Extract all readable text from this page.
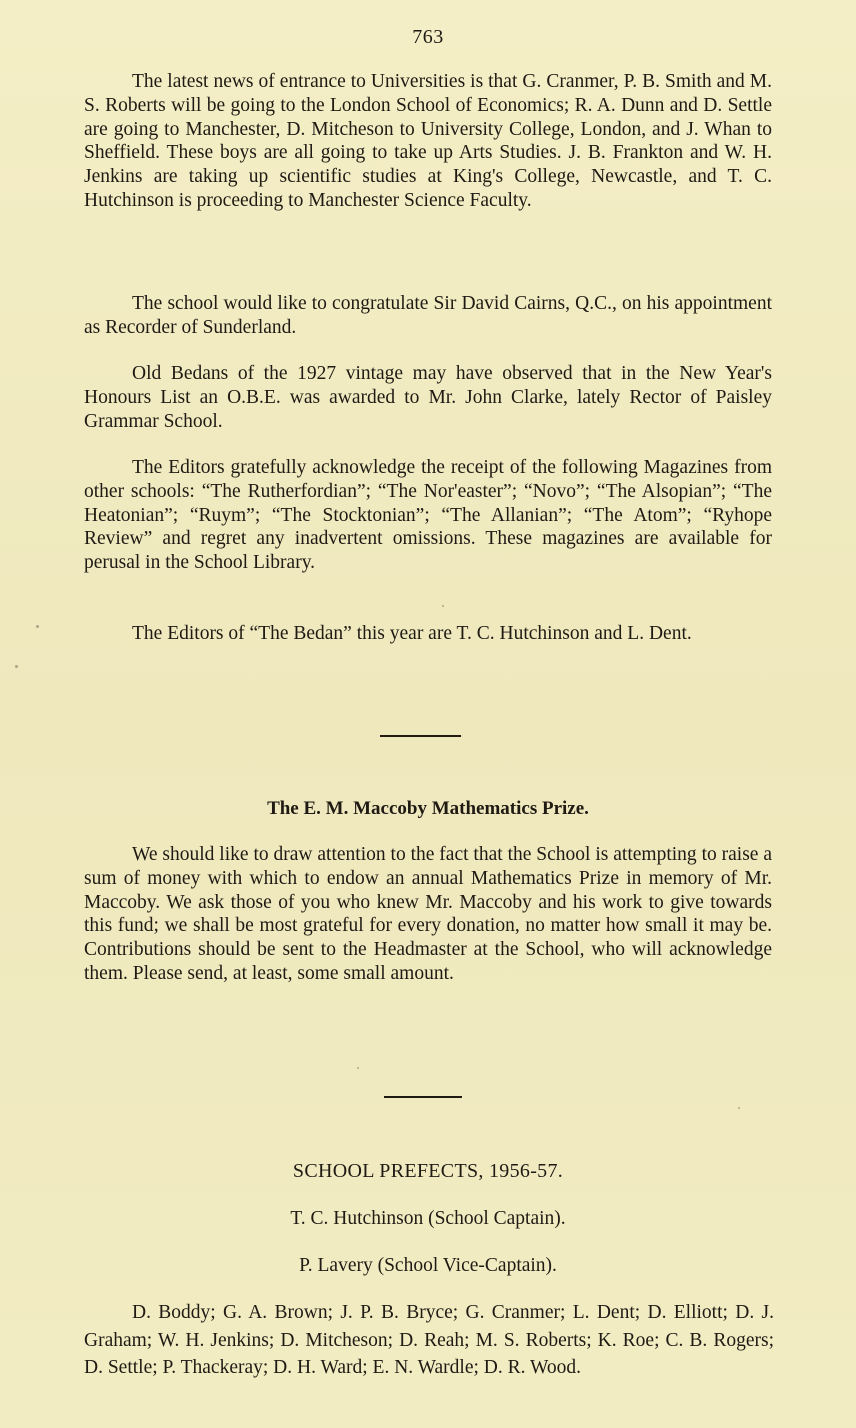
763

The latest news of entrance to Universities is that G. Cranmer, P. B. Smith and M. S. Roberts will be going to the London School of Economics; R. A. Dunn and D. Settle are going to Manchester, D. Mitcheson to University College, London, and J. Whan to Sheffield. These boys are all going to take up Arts Studies. J. B. Frankton and W. H. Jenkins are taking up scientific studies at King's College, Newcastle, and T. C. Hutchinson is proceeding to Manchester Science Faculty.

The school would like to congratulate Sir David Cairns, Q.C., on his appointment as Recorder of Sunderland.

Old Bedans of the 1927 vintage may have observed that in the New Year's Honours List an O.B.E. was awarded to Mr. John Clarke, lately Rector of Paisley Grammar School.

The Editors gratefully acknowledge the receipt of the following Magazines from other schools: “The Rutherfordian”; “The Nor'easter”; “Novo”; “The Alsopian”; “The Heatonian”; “Ruym”; “The Stocktonian”; “The Allanian”; “The Atom”; “Ryhope Review” and regret any inadvertent omissions. These magazines are available for perusal in the School Library.

The Editors of “The Bedan” this year are T. C. Hutchinson and L. Dent.

The E. M. Maccoby Mathematics Prize.

We should like to draw attention to the fact that the School is attempting to raise a sum of money with which to endow an annual Mathematics Prize in memory of Mr. Maccoby. We ask those of you who knew Mr. Maccoby and his work to give towards this fund; we shall be most grateful for every donation, no matter how small it may be. Contributions should be sent to the Headmaster at the School, who will acknowledge them. Please send, at least, some small amount.

SCHOOL PREFECTS, 1956-57.
T. C. Hutchinson (School Captain).
P. Lavery (School Vice-Captain).

D. Boddy; G. A. Brown; J. P. B. Bryce; G. Cranmer; L. Dent; D. Elliott; D. J. Graham; W. H. Jenkins; D. Mitcheson; D. Reah; M. S. Roberts; K. Roe; C. B. Rogers; D. Settle; P. Thackeray; D. H. Ward; E. N. Wardle; D. R. Wood.
